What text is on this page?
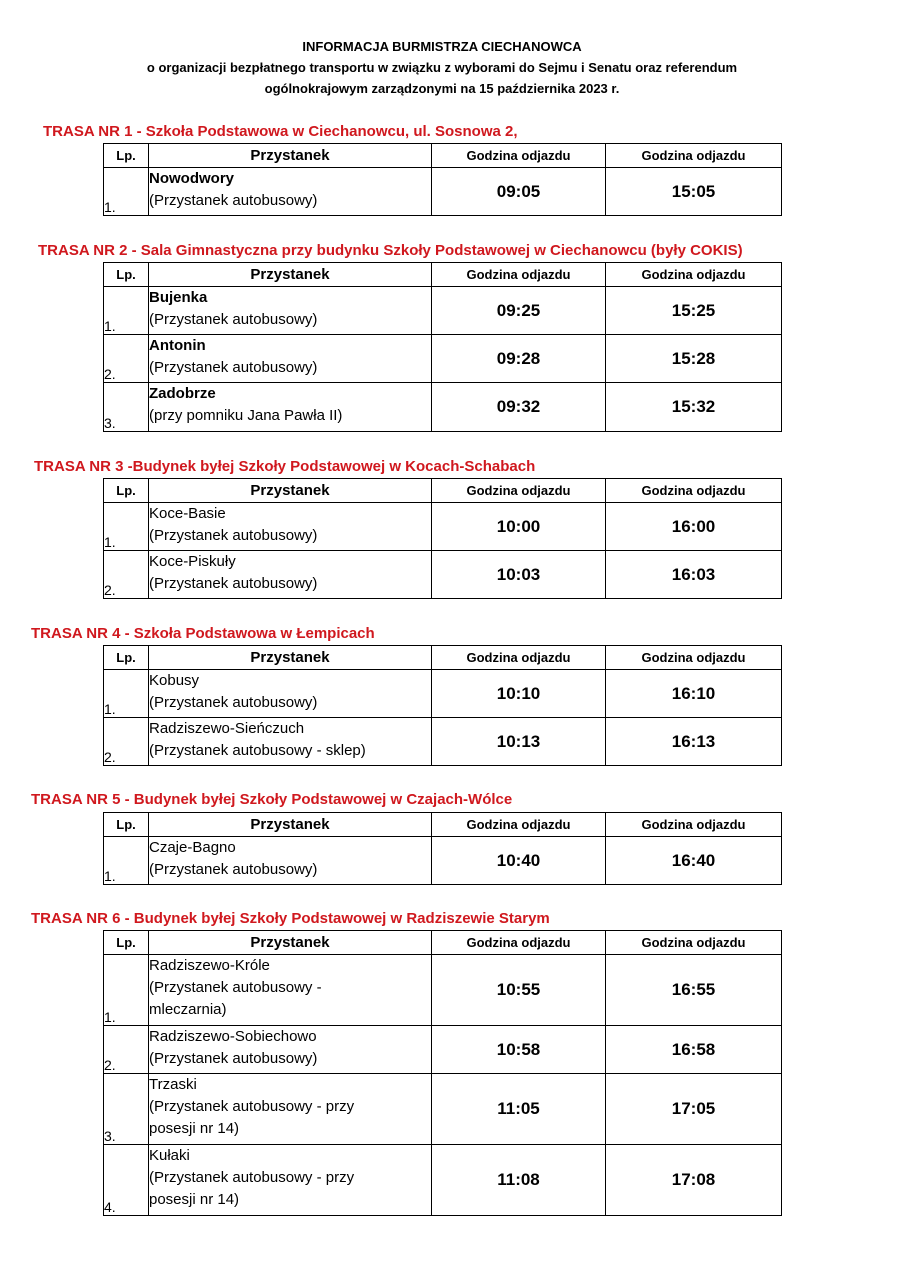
INFORMACJA BURMISTRZA CIECHANOWCA
o organizacji bezpłatnego transportu w związku z wyborami do Sejmu i Senatu oraz referendum
ogólnokrajowym zarządzonymi na 15 października 2023 r.
TRASA NR 1 - Szkoła Podstawowa w Ciechanowcu, ul. Sosnowa 2,
Lp.	Przystanek	Godzina odjazdu	Godzina odjazdu
1.	Nowodwory
(Przystanek autobusowy)	09:05	15:05
TRASA NR 2 - Sala Gimnastyczna przy budynku Szkoły Podstawowej w Ciechanowcu (były COKIS)
Lp.	Przystanek	Godzina odjazdu	Godzina odjazdu
1.	Bujenka
(Przystanek autobusowy)	09:25	15:25
2.	Antonin
(Przystanek autobusowy)	09:28	15:28
3.	Zadobrze
(przy pomniku Jana Pawła II)	09:32	15:32
TRASA NR 3 -Budynek byłej Szkoły Podstawowej w Kocach-Schabach
Lp.	Przystanek	Godzina odjazdu	Godzina odjazdu
1.	Koce-Basie
(Przystanek autobusowy)	10:00	16:00
2.	Koce-Piskuły
(Przystanek autobusowy)	10:03	16:03
TRASA NR 4 - Szkoła Podstawowa w Łempicach
Lp.	Przystanek	Godzina odjazdu	Godzina odjazdu
1.	Kobusy
(Przystanek autobusowy)	10:10	16:10
2.	Radziszewo-Sieńczuch
(Przystanek autobusowy - sklep)	10:13	16:13
TRASA NR 5 - Budynek byłej Szkoły Podstawowej w Czajach-Wólce
Lp.	Przystanek	Godzina odjazdu	Godzina odjazdu
1.	Czaje-Bagno
(Przystanek autobusowy)	10:40	16:40
TRASA NR 6 - Budynek byłej Szkoły Podstawowej w Radziszewie Starym
Lp.	Przystanek	Godzina odjazdu	Godzina odjazdu
1.	Radziszewo-Króle
(Przystanek autobusowy - mleczarnia)	10:55	16:55
2.	Radziszewo-Sobiechowo
(Przystanek autobusowy)	10:58	16:58
3.	Trzaski
(Przystanek autobusowy - przy posesji nr 14)	11:05	17:05
4.	Kułaki
(Przystanek autobusowy - przy posesji nr 14)	11:08	17:08
